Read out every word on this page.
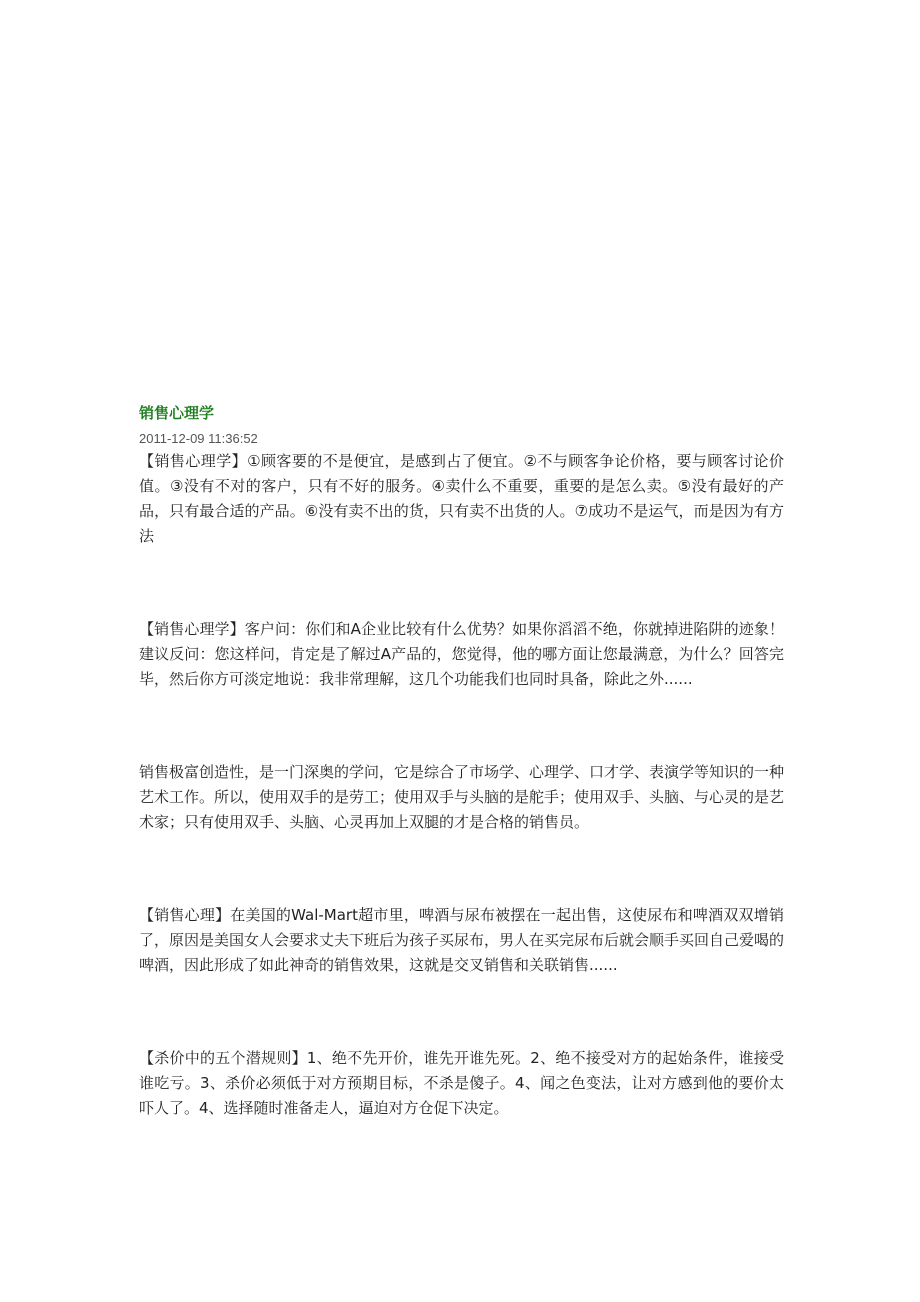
销售心理学
2011-12-09 11:36:52

【销售心理学】①顾客要的不是便宜，是感到占了便宜。②不与顾客争论价格，要与顾客讨论价值。③没有不对的客户，只有不好的服务。④卖什么不重要，重要的是怎么卖。⑤没有最好的产品，只有最合适的产品。⑥没有卖不出的货，只有卖不出货的人。⑦成功不是运气，而是因为有方法

【销售心理学】客户问：你们和A企业比较有什么优势？如果你滔滔不绝，你就掉进陷阱的迹象！建议反问：您这样问，肯定是了解过A产品的，您觉得，他的哪方面让您最满意，为什么？回答完毕，然后你方可淡定地说：我非常理解，这几个功能我们也同时具备，除此之外......

销售极富创造性，是一门深奥的学问，它是综合了市场学、心理学、口才学、表演学等知识的一种艺术工作。所以，使用双手的是劳工；使用双手与头脑的是舵手；使用双手、头脑、与心灵的是艺术家；只有使用双手、头脑、心灵再加上双腿的才是合格的销售员。

【销售心理】在美国的Wal-Mart超市里，啤酒与尿布被摆在一起出售，这使尿布和啤酒双双增销了，原因是美国女人会要求丈夫下班后为孩子买尿布，男人在买完尿布后就会顺手买回自己爱喝的啤酒，因此形成了如此神奇的销售效果，这就是交叉销售和关联销售......

【杀价中的五个潜规则】1、绝不先开价，谁先开谁先死。2、绝不接受对方的起始条件，谁接受谁吃亏。3、杀价必须低于对方预期目标，不杀是傻子。4、闻之色变法，让对方感到他的要价太吓人了。4、选择随时准备走人，逼迫对方仓促下决定。
